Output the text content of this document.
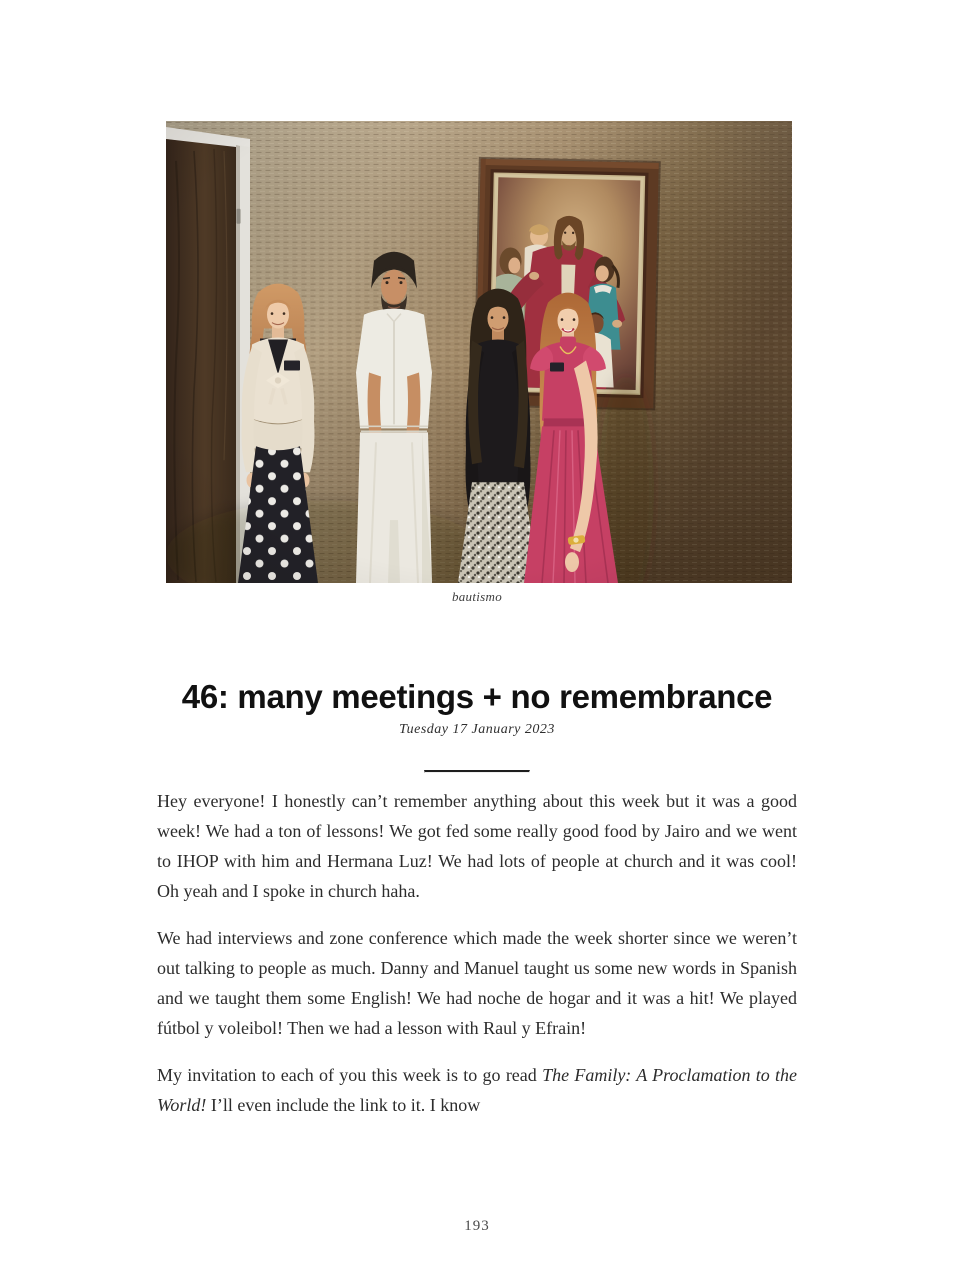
bautismo
46: many meetings + no remembrance
Tuesday 17 January 2023

Hey everyone! I honestly can’t remember anything about this week but it was a good week! We had a ton of lessons! We got fed some really good food by Jairo and we went to IHOP with him and Hermana Luz! We had lots of people at church and it was cool! Oh yeah and I spoke in church haha.

We had interviews and zone conference which made the week shorter since we weren’t out talking to people as much. Danny and Manuel taught us some new words in Spanish and we taught them some English! We had noche de hogar and it was a hit! We played fútbol y voleibol! Then we had a lesson with Raul y Efrain!

My invitation to each of you this week is to go read The Family: A Proclamation to the World! I’ll even include the link to it. I know

193
